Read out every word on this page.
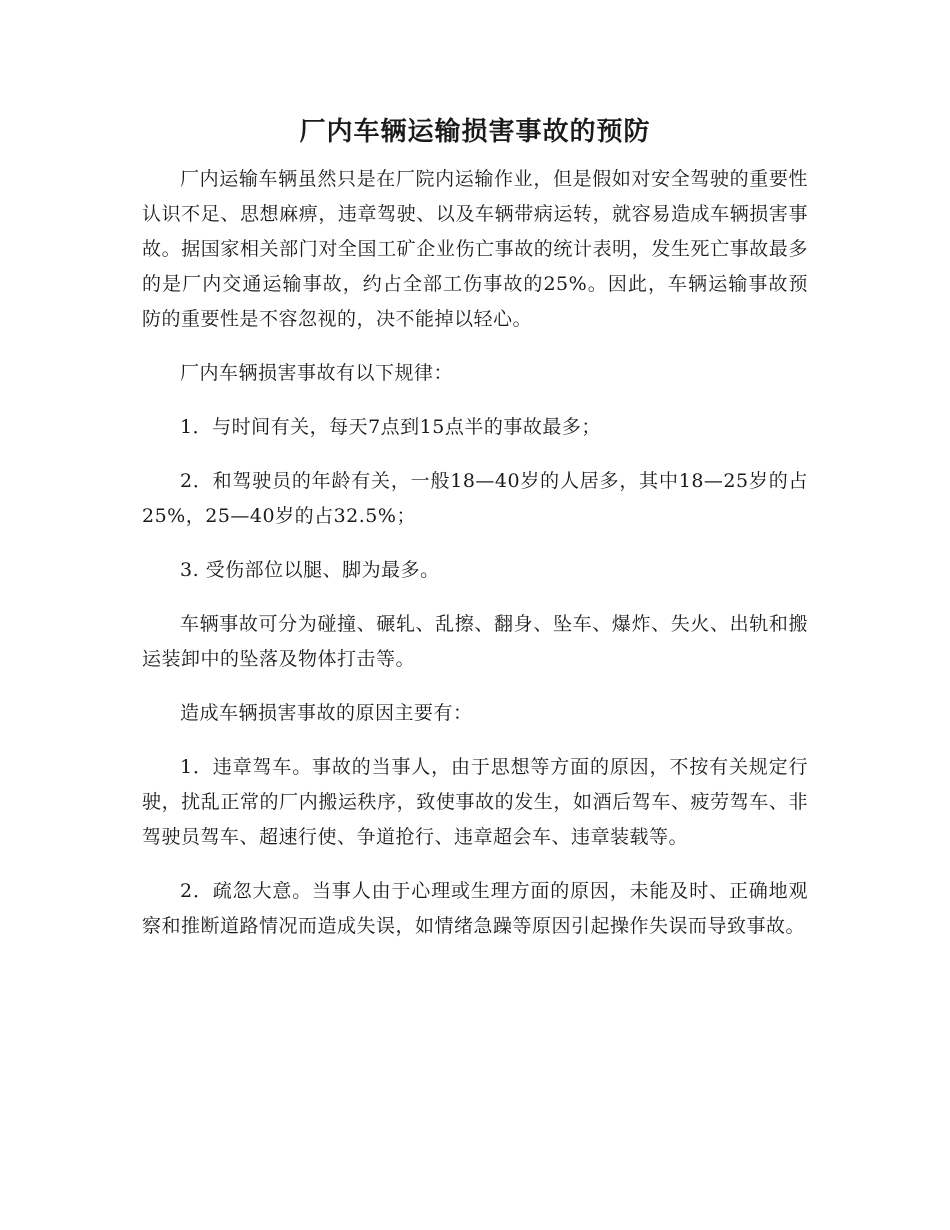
厂内车辆运输损害事故的预防

厂内运输车辆虽然只是在厂院内运输作业，但是假如对安全驾驶的重要性认识不足、思想麻痹，违章驾驶、以及车辆带病运转，就容易造成车辆损害事故。据国家相关部门对全国工矿企业伤亡事故的统计表明，发生死亡事故最多的是厂内交通运输事故，约占全部工伤事故的25%。因此，车辆运输事故预防的重要性是不容忽视的，决不能掉以轻心。

厂内车辆损害事故有以下规律：

1．与时间有关，每天7点到15点半的事故最多；

2．和驾驶员的年龄有关，一般18—40岁的人居多，其中18—25岁的占25%，25—40岁的占32.5%；

3. 受伤部位以腿、脚为最多。

车辆事故可分为碰撞、碾轧、乱擦、翻身、坠车、爆炸、失火、出轨和搬运装卸中的坠落及物体打击等。

造成车辆损害事故的原因主要有：

1．违章驾车。事故的当事人，由于思想等方面的原因，不按有关规定行驶，扰乱正常的厂内搬运秩序，致使事故的发生，如酒后驾车、疲劳驾车、非驾驶员驾车、超速行使、争道抢行、违章超会车、违章装载等。

2．疏忽大意。当事人由于心理或生理方面的原因，未能及时、正确地观察和推断道路情况而造成失误，如情绪急躁等原因引起操作失误而导致事故。
